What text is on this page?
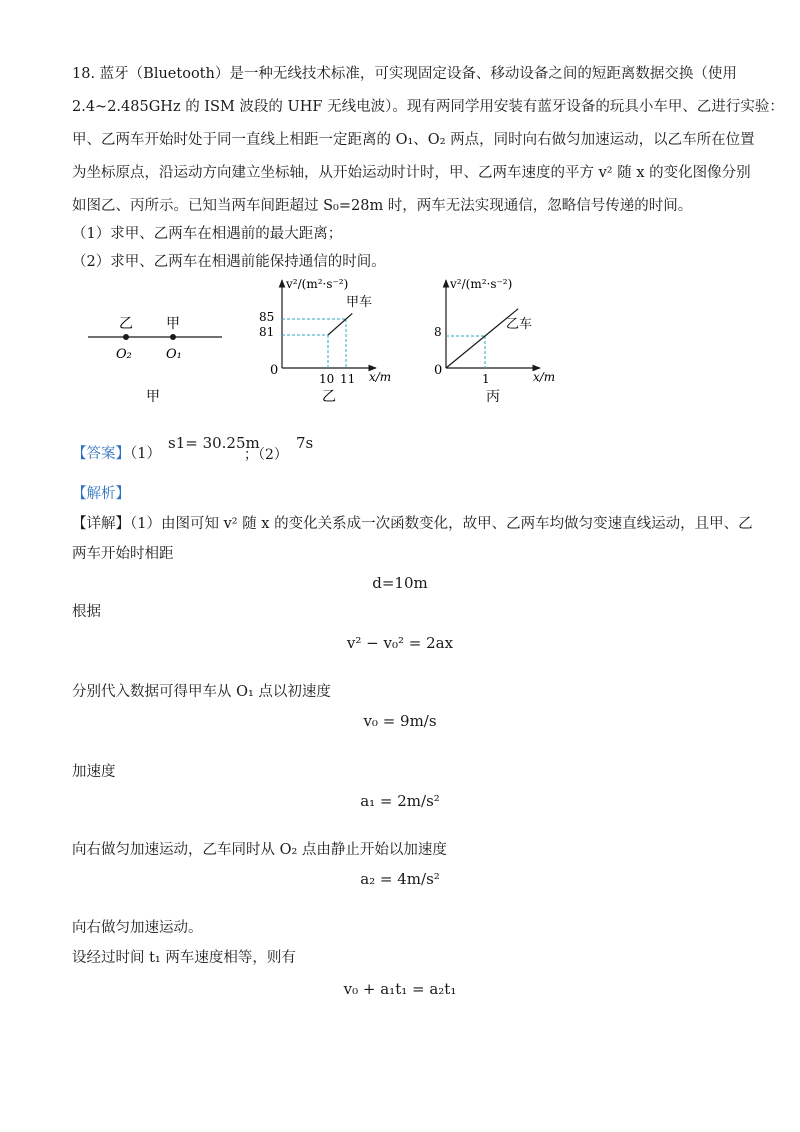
18. 蓝牙（Bluetooth）是一种无线技术标准，可实现固定设备、移动设备之间的短距离数据交换（使用
2.4~2.485GHz 的 ISM 波段的 UHF 无线电波）。现有两同学用安装有蓝牙设备的玩具小车甲、乙进行实验：
甲、乙两车开始时处于同一直线上相距一定距离的 O₁、O₂ 两点，同时向右做匀加速运动，以乙车所在位置
为坐标原点，沿运动方向建立坐标轴，从开始运动时计时，甲、乙两车速度的平方 v² 随 x 的变化图像分别
如图乙、丙所示。已知当两车间距超过 S₀=28m 时，两车无法实现通信，忽略信号传递的时间。
（1）求甲、乙两车在相遇前的最大距离；
（2）求甲、乙两车在相遇前能保持通信的时间。
乙 甲
O₂	O₁
甲
v²/(m²·s⁻²)
x/m
0
甲车
85
81
10 11
乙
v²/(m²·s⁻²)
x/m
0
乙车
8
1
丙
【答案】（1）
s1= 30.25m
；（2）
7s
【解析】
【详解】（1）由图可知 v² 随 x 的变化关系成一次函数变化，故甲、乙两车均做匀变速直线运动，且甲、乙
两车开始时相距
d=10m
根据
v² − v₀² = 2ax
分别代入数据可得甲车从 O₁ 点以初速度
v₀ = 9m/s
加速度
a₁ = 2m/s²
向右做匀加速运动，乙车同时从 O₂ 点由静止开始以加速度
a₂ = 4m/s²
向右做匀加速运动。
设经过时间 t₁ 两车速度相等，则有
v₀ + a₁t₁ = a₂t₁
